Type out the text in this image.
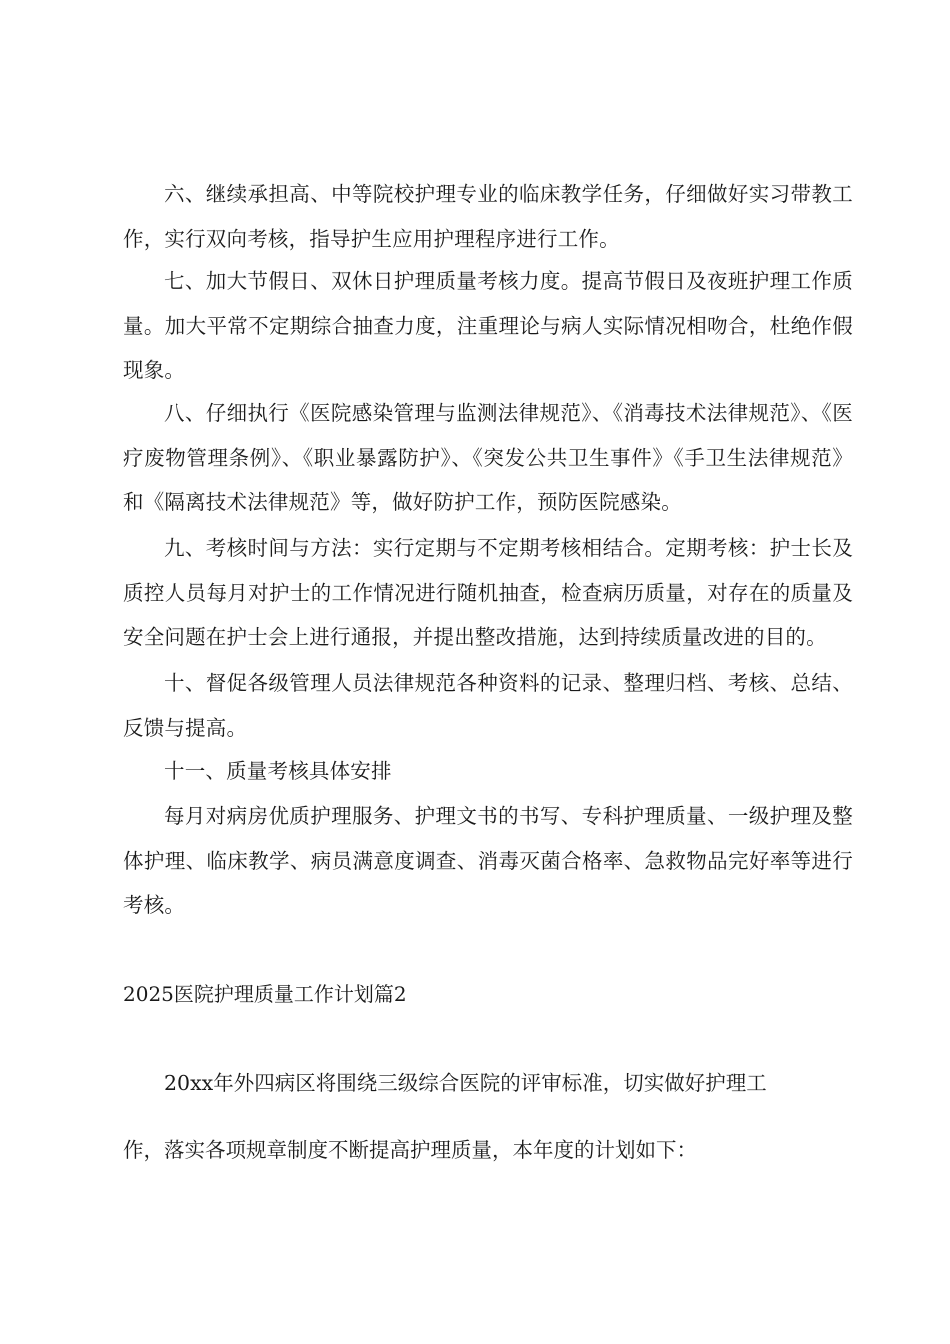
六、继续承担高、中等院校护理专业的临床教学任务，仔细做好实习带教工作，实行双向考核，指导护生应用护理程序进行工作。

七、加大节假日、双休日护理质量考核力度。提高节假日及夜班护理工作质量。加大平常不定期综合抽查力度，注重理论与病人实际情况相吻合，杜绝作假现象。

八、仔细执行《医院感染管理与监测法律规范》、《消毒技术法律规范》、《医疗废物管理条例》、《职业暴露防护》、《突发公共卫生事件》《手卫生法律规范》和《隔离技术法律规范》等，做好防护工作，预防医院感染。

九、考核时间与方法：实行定期与不定期考核相结合。定期考核：护士长及质控人员每月对护士的工作情况进行随机抽查，检查病历质量，对存在的质量及安全问题在护士会上进行通报，并提出整改措施，达到持续质量改进的目的。

十、督促各级管理人员法律规范各种资料的记录、整理归档、考核、总结、反馈与提高。

十一、质量考核具体安排

每月对病房优质护理服务、护理文书的书写、专科护理质量、一级护理及整体护理、临床教学、病员满意度调查、消毒灭菌合格率、急救物品完好率等进行考核。

2025医院护理质量工作计划篇2

20xx年外四病区将围绕三级综合医院的评审标准，切实做好护理工

作，落实各项规章制度不断提高护理质量，本年度的计划如下：
